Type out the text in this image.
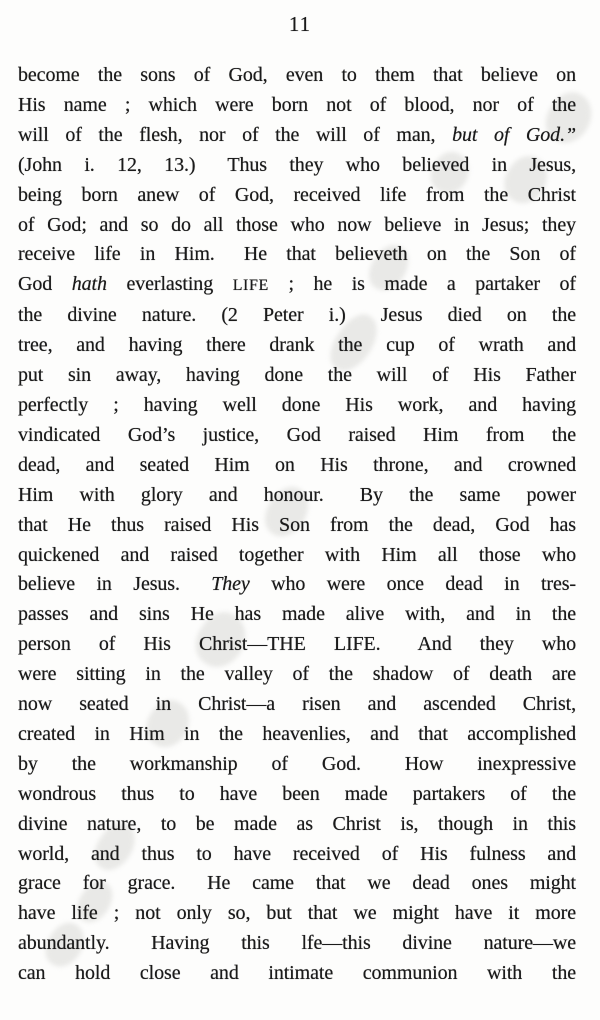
11
become the sons of God, even to them that believe on
His name ; which were born not of blood, nor of the
will of the flesh, nor of the will of man, but of God.”
(John i. 12, 13.)  Thus they who believed in Jesus,
being born anew of God, received life from the Christ
of God; and so do all those who now believe in Jesus; they
receive life in Him.  He that believeth on the Son of
God hath everlasting LIFE ; he is made a partaker of
the divine nature. (2 Peter i.)  Jesus died on the
tree, and having there drank the cup of wrath and
put sin away, having done the will of His Father
perfectly ; having well done His work, and having
vindicated God’s justice, God raised Him from the
dead, and seated Him on His throne, and crowned
Him with glory and honour.  By the same power
that He thus raised His Son from the dead, God has
quickened and raised together with Him all those who
believe in Jesus.  They who were once dead in tres-
passes and sins He has made alive with, and in the
person of His Christ—THE LIFE.  And they who
were sitting in the valley of the shadow of death are
now seated in Christ—a risen and ascended Christ,
created in Him in the heavenlies, and that accomplished
by the workmanship of God.  How inexpressive
wondrous thus to have been made partakers of the
divine nature, to be made as Christ is, though in this
world, and thus to have received of His fulness and
grace for grace.  He came that we dead ones might
have life ; not only so, but that we might have it more
abundantly.  Having this lfe—this divine nature—we
can hold close and intimate communion with the
